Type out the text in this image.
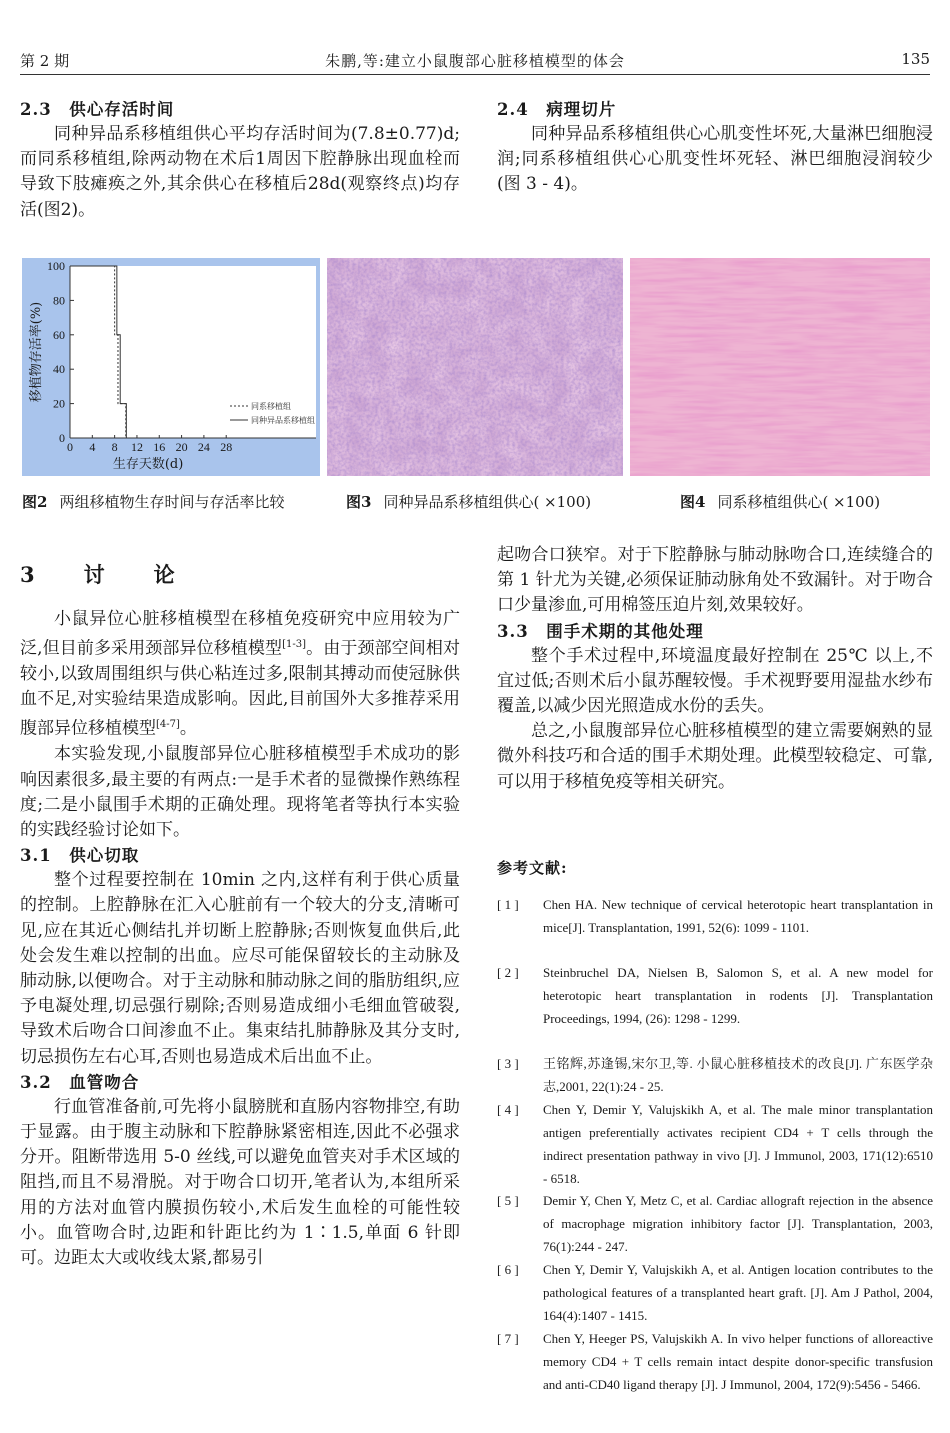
第 2 期	朱鹏,等:建立小鼠腹部心脏移植模型的体会	135
2.3　供心存活时间

同种异品系移植组供心平均存活时间为(7.8±0.77)d;而同系移植组,除两动物在术后1周因下腔静脉出现血栓而导致下肢瘫痪之外,其余供心在移植后28d(观察终点)均存活(图2)。

2.4　病理切片

同种异品系移植组供心心肌变性坏死,大量淋巴细胞浸润;同系移植组供心心肌变性坏死轻、淋巴细胞浸润较少(图 3 - 4)。

0
20
40
60
80
100
0 4 8 12 16 20 24 28
生存天数(d)
移植物存活率(%)
同系移植组
同种异品系移植组
图2 两组移植物生存时间与存活率比较	图3 同种异品系移植组供心( ×100)	图4 同系移植组供心( ×100)
3　讨　论

小鼠异位心脏移植模型在移植免疫研究中应用较为广泛,但目前多采用颈部异位移植模型[1-3]。由于颈部空间相对较小,以致周围组织与供心粘连过多,限制其搏动而使冠脉供血不足,对实验结果造成影响。因此,目前国外大多推荐采用腹部异位移植模型[4-7]。

本实验发现,小鼠腹部异位心脏移植模型手术成功的影响因素很多,最主要的有两点:一是手术者的显微操作熟练程度;二是小鼠围手术期的正确处理。现将笔者等执行本实验的实践经验讨论如下。

3.1　供心切取

整个过程要控制在 10min 之内,这样有利于供心质量的控制。上腔静脉在汇入心脏前有一个较大的分支,清晰可见,应在其近心侧结扎并切断上腔静脉;否则恢复血供后,此处会发生难以控制的出血。应尽可能保留较长的主动脉及肺动脉,以便吻合。对于主动脉和肺动脉之间的脂肪组织,应予电凝处理,切忌强行剔除;否则易造成细小毛细血管破裂,导致术后吻合口间渗血不止。集束结扎肺静脉及其分支时,切忌损伤左右心耳,否则也易造成术后出血不止。

3.2　血管吻合

行血管准备前,可先将小鼠膀胱和直肠内容物排空,有助于显露。由于腹主动脉和下腔静脉紧密相连,因此不必强求分开。阻断带选用 5-0 丝线,可以避免血管夹对手术区域的阻挡,而且不易滑脱。对于吻合口切开,笔者认为,本组所采用的方法对血管内膜损伤较小,术后发生血栓的可能性较小。血管吻合时,边距和针距比约为 1∶1.5,单面 6 针即可。边距太大或收线太紧,都易引

起吻合口狭窄。对于下腔静脉与肺动脉吻合口,连续缝合的第 1 针尤为关键,必须保证肺动脉角处不致漏针。对于吻合口少量渗血,可用棉签压迫片刻,效果较好。

3.3　围手术期的其他处理

整个手术过程中,环境温度最好控制在 25℃ 以上,不宜过低;否则术后小鼠苏醒较慢。手术视野要用湿盐水纱布覆盖,以减少因光照造成水份的丢失。

总之,小鼠腹部异位心脏移植模型的建立需要娴熟的显微外科技巧和合适的围手术期处理。此模型较稳定、可靠,可以用于移植免疫等相关研究。

参考文献:
[ 1 ]	Chen HA. New technique of cervical heterotopic heart transplantation in mice[J]. Transplantation, 1991, 52(6): 1099 - 1101.
[ 2 ]	Steinbruchel DA, Nielsen B, Salomon S, et al. A new model for heterotopic heart transplantation in rodents [J]. Transplantation Proceedings, 1994, (26): 1298 - 1299.
[ 3 ]	王铭辉,苏逢锡,宋尔卫,等. 小鼠心脏移植技术的改良[J]. 广东医学杂志,2001, 22(1):24 - 25.
[ 4 ]	Chen Y, Demir Y, Valujskikh A, et al. The male minor transplantation antigen preferentially activates recipient CD4 + T cells through the indirect presentation pathway in vivo [J]. J Immunol, 2003, 171(12):6510 - 6518.
[ 5 ]	Demir Y, Chen Y, Metz C, et al. Cardiac allograft rejection in the absence of macrophage migration inhibitory factor [J]. Transplantation, 2003, 76(1):244 - 247.
[ 6 ]	Chen Y, Demir Y, Valujskikh A, et al. Antigen location contributes to the pathological features of a transplanted heart graft. [J]. Am J Pathol, 2004, 164(4):1407 - 1415.
[ 7 ]	Chen Y, Heeger PS, Valujskikh A. In vivo helper functions of alloreactive memory CD4 + T cells remain intact despite donor-specific transfusion and anti-CD40 ligand therapy [J]. J Immunol, 2004, 172(9):5456 - 5466.
